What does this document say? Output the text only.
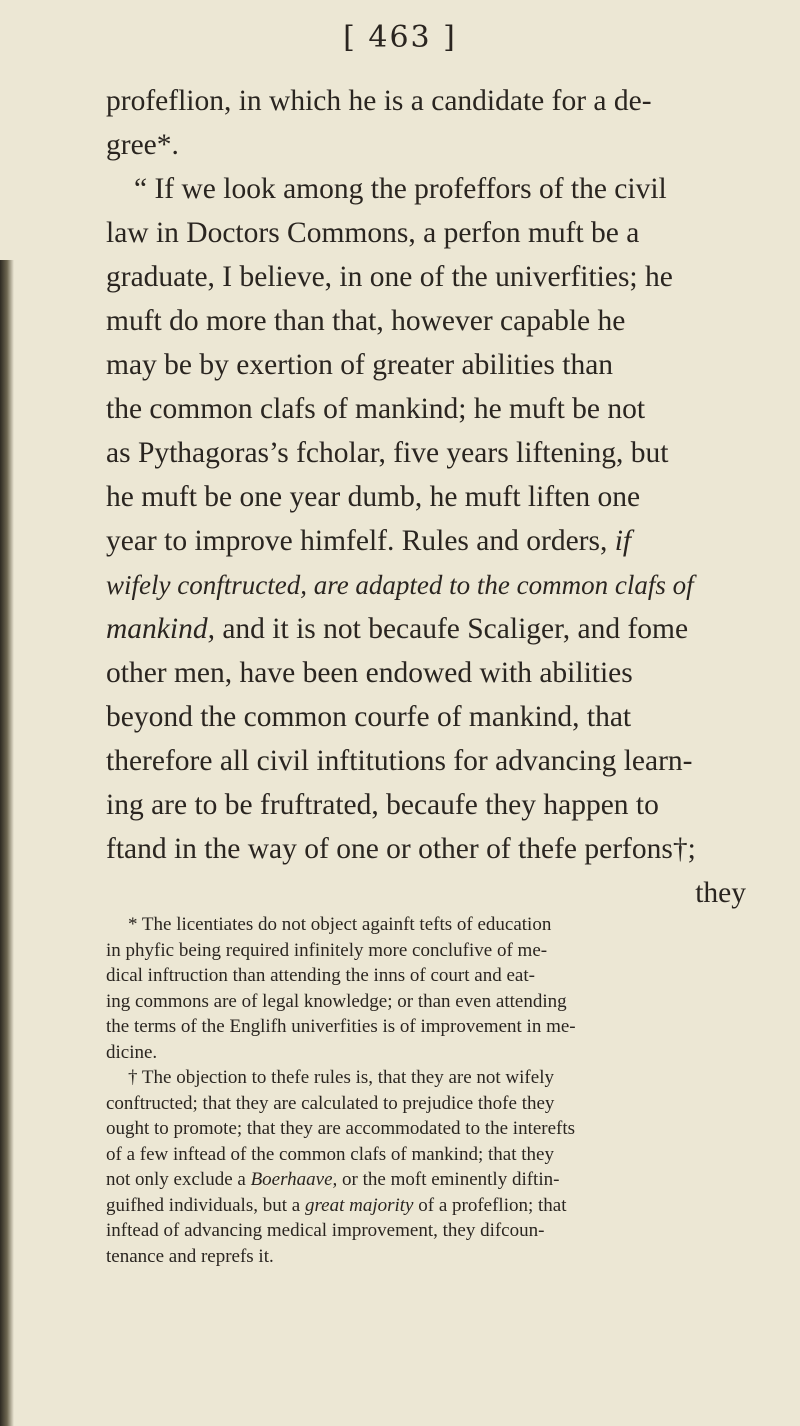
[ 463 ]
profeflion, in which he is a candidate for a de-
gree*.
“ If we look among the profeffors of the civil
law in Doctors Commons, a perfon muft be a
graduate, I believe, in one of the univerfities; he
muft do more than that, however capable he
may be by exertion of greater abilities than
the common clafs of mankind; he muft be not
as Pythagoras’s fcholar, five years liftening, but
he muft be one year dumb, he muft liften one
year to improve himfelf. Rules and orders, if
wifely conftructed, are adapted to the common clafs of
mankind, and it is not becaufe Scaliger, and fome
other men, have been endowed with abilities
beyond the common courfe of mankind, that
therefore all civil inftitutions for advancing learn-
ing are to be fruftrated, becaufe they happen to
ftand in the way of one or other of thefe perfons†;
they
* The licentiates do not object againft tefts of education
in phyfic being required infinitely more conclufive of me-
dical inftruction than attending the inns of court and eat-
ing commons are of legal knowledge; or than even attending
the terms of the Englifh univerfities is of improvement in me-
dicine.
† The objection to thefe rules is, that they are not wifely
conftructed; that they are calculated to prejudice thofe they
ought to promote; that they are accommodated to the interefts
of a few inftead of the common clafs of mankind; that they
not only exclude a Boerhaave, or the moft eminently diftin-
guifhed individuals, but a great majority of a profeflion; that
inftead of advancing medical improvement, they difcoun-
tenance and reprefs it.
